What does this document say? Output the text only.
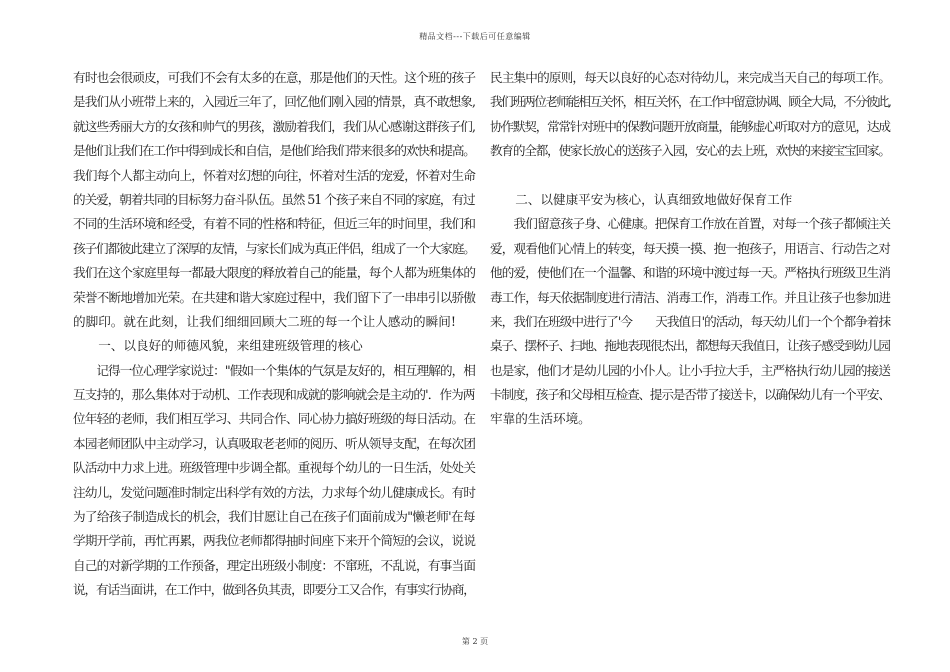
精品文档---下载后可任意编辑
有时也会很顽皮，可我们不会有太多的在意，那是他们的天性。这个班的孩子
是我们从小班带上来的，入园近三年了，回忆他们刚入园的情景，真不敢想象,
就这些秀丽大方的女孩和帅气的男孩，激励着我们，我们从心感谢这群孩子们,
是他们让我们在工作中得到成长和自信，是他们给我们带来很多的欢快和提高。
我们每个人都主动向上，怀着对幻想的向往，怀着对生活的宠爱，怀着对生命
的关爱，朝着共同的目标努力奋斗队伍。虽然 51 个孩子来自不同的家庭，有过
不同的生活环境和经受，有着不同的性格和特征，但近三年的时间里，我们和
孩子们都彼此建立了深厚的友情，与家长们成为真正伴侣，组成了一个大家庭。
我们在这个家庭里每一都最大限度的释放着自己的能量，每个人都为班集体的
荣誉不断地增加光荣。在共建和谐大家庭过程中，我们留下了一串串引以骄傲
的脚印。就在此刻，让我们细细回顾大二班的每一个让人感动的瞬间!
　　一、以良好的师德风貌，来组建班级管理的核心
　　记得一位心理学家说过："假如一个集体的气氛是友好的，相互理解的，相
互支持的，那么集体对于动机、工作表现和成就的影响就会是主动的'．作为两
位年轻的老师，我们相互学习、共同合作、同心协力搞好班级的每日活动。在
本园老师团队中主动学习，认真吸取老老师的阅历、听从领导支配，在每次团
队活动中力求上进。班级管理中步调全都。重视每个幼儿的一日生活，处处关
注幼儿，发觉问题准时制定出科学有效的方法，力求每个幼儿健康成长。有时
为了给孩子制造成长的机会，我们甘愿让自己在孩子们面前成为"懒老师'在每
学期开学前，再忙再累，两我位老师都得抽时间座下来开个简短的会议，说说
自己的对新学期的工作预备，理定出班级小制度：不窜班，不乱说，有事当面
说，有话当面讲，在工作中，做到各负其责，即要分工又合作，有事实行协商，
民主集中的原则，每天以良好的心态对待幼儿，来完成当天自己的每项工作。
我们班两位老师能相互关怀，相互关怀，在工作中留意协调、顾全大局，不分彼此,
协作默契，常常针对班中的保教问题开放商量，能够虚心听取对方的意见，达成
教育的全都，使家长放心的送孩子入园，安心的去上班，欢快的来接宝宝回家。
　　二、以健康平安为核心，认真细致地做好保育工作
　　我们留意孩子身、心健康。把保育工作放在首置，对每一个孩子都倾注关
爱，观看他们心情上的转变，每天摸一摸、抱一抱孩子，用语言、行动告之对
他的爱，使他们在一个温馨、和谐的环境中渡过每一天。严格执行班级卫生消
毒工作，每天依据制度进行清洁、消毒工作，消毒工作。并且让孩子也参加进
来，我们在班级中进行了'今　　天我值日'的活动，每天幼儿们一个个都争着抹
桌子、摆杯子、扫地、拖地表现很杰出，都想每天我值日，让孩子感受到幼儿园
也是家，他们才是幼儿园的小仆人。让小手拉大手，主严格执行幼儿园的接送
卡制度，孩子和父母相互检查、提示是否带了接送卡，以确保幼儿有一个平安、
牢靠的生活环境。
第 2 页
